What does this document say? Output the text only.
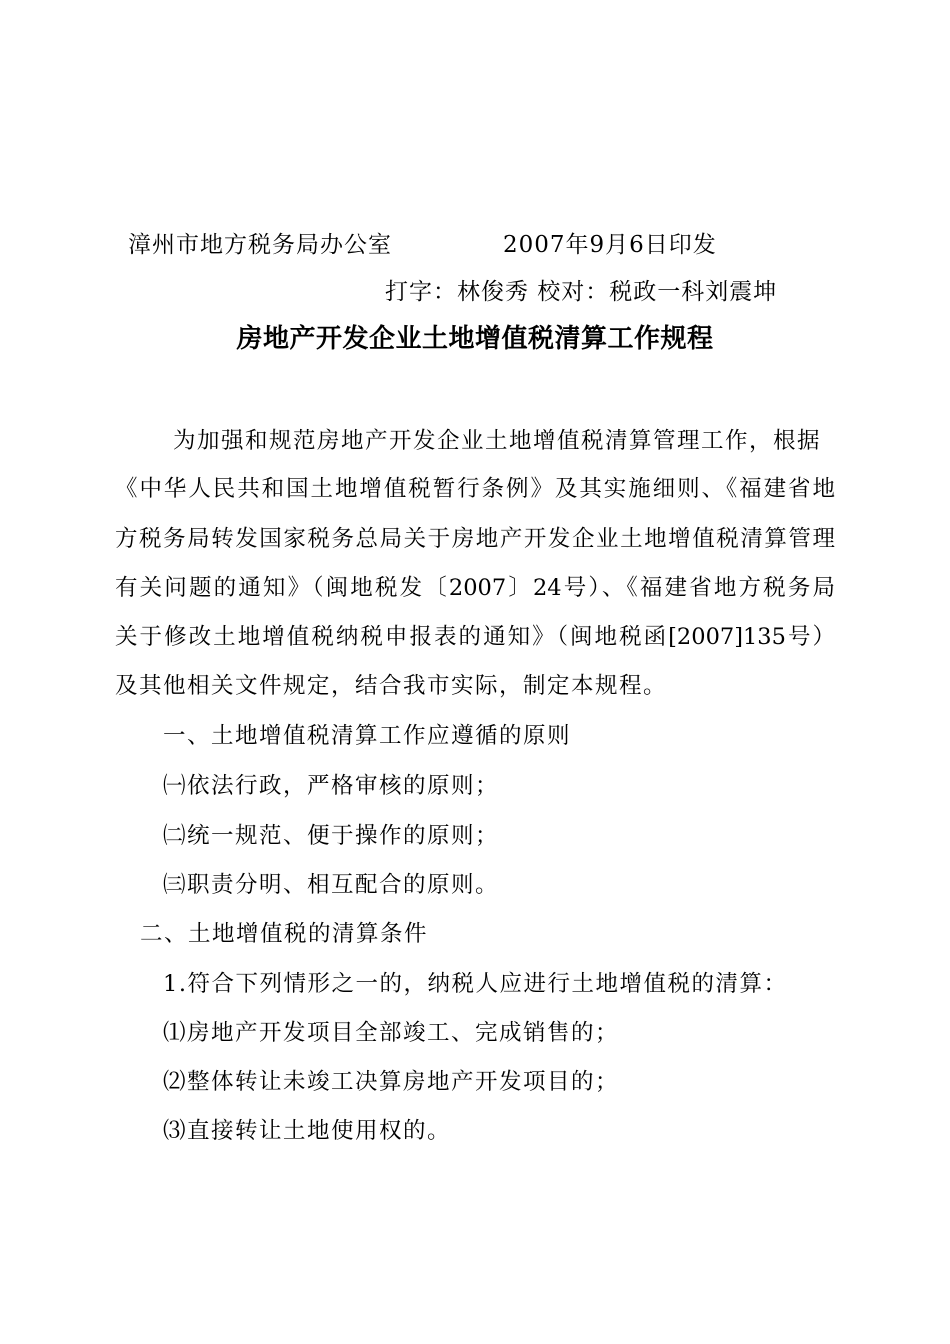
漳州市地方税务局办公室	2007年9月6日印发
打字：林俊秀 校对：税政一科刘震坤
房地产开发企业土地增值税清算工作规程
为加强和规范房地产开发企业土地增值税清算管理工作，根据
《中华人民共和国土地增值税暂行条例》及其实施细则、《福建省地
方税务局转发国家税务总局关于房地产开发企业土地增值税清算管理
有关问题的通知》（闽地税发〔2007〕24号）、《福建省地方税务局
关于修改土地增值税纳税申报表的通知》（闽地税函[2007]135号）
及其他相关文件规定，结合我市实际，制定本规程。
一、土地增值税清算工作应遵循的原则
㈠依法行政，严格审核的原则；
㈡统一规范、便于操作的原则；
㈢职责分明、相互配合的原则。
二、土地增值税的清算条件
1.符合下列情形之一的，纳税人应进行土地增值税的清算：
⑴房地产开发项目全部竣工、完成销售的；
⑵整体转让未竣工决算房地产开发项目的；
⑶直接转让土地使用权的。
